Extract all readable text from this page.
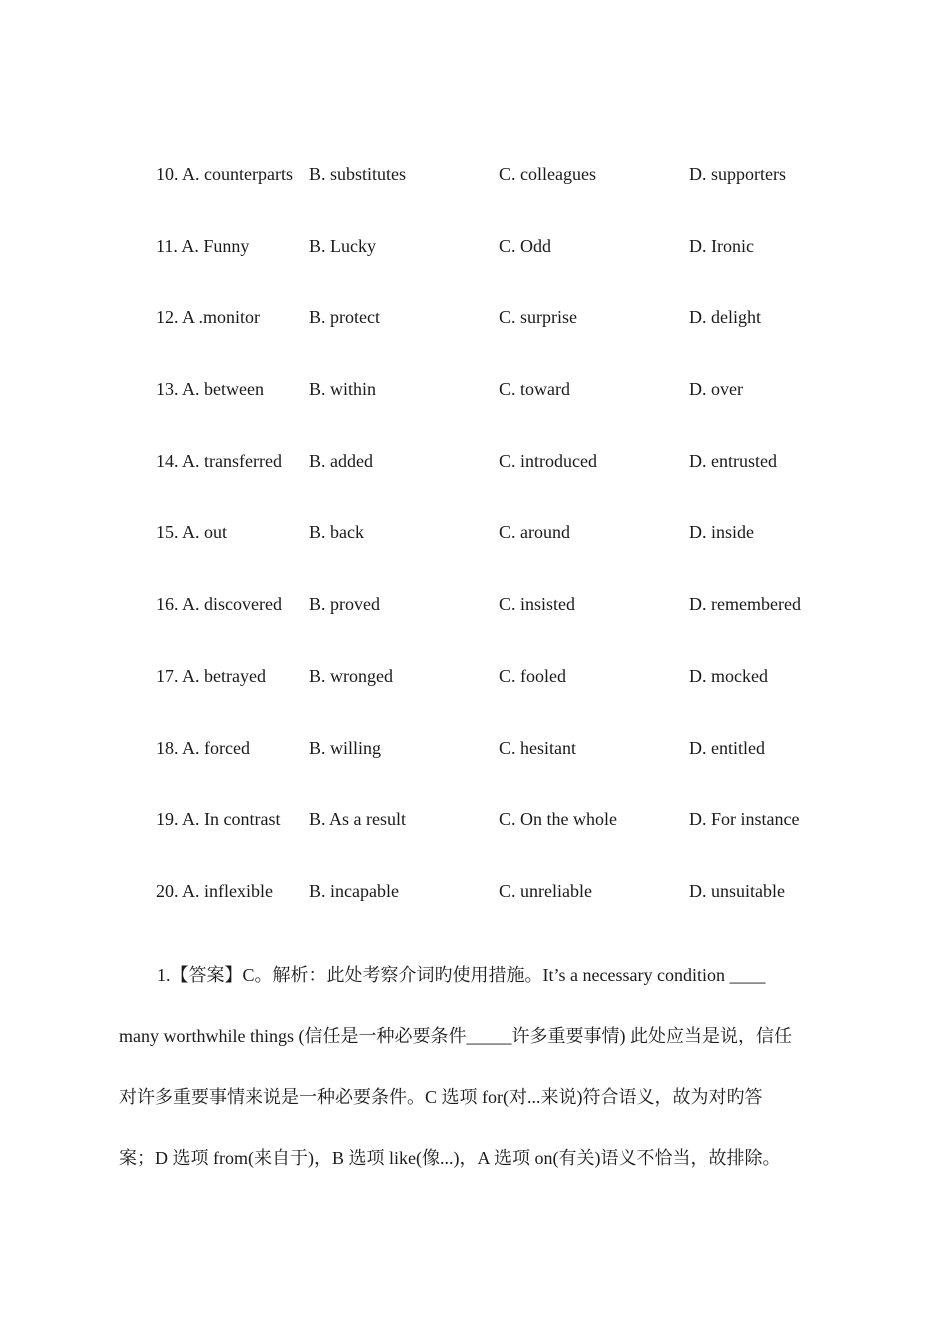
10. A. counterparts B. substitutes	C. colleagues	D. supporters
11. A. Funny	B. Lucky	C. Odd	D. Ironic
12. A .monitor	B. protect	C. surprise	D. delight
13. A. between	B. within	C. toward	D. over
14. A. transferred B. added	C. introduced	D. entrusted
15. A. out	B. back	C. around	D. inside
16. A. discovered B. proved	C. insisted	D. remembered
17. A. betrayed B. wronged	C. fooled	D. mocked
18. A. forced	B. willing	C. hesitant	D. entitled
19. A. In contrast B. As a result	C. On the whole	D. For instance
20. A. inflexible B. incapable	C. unreliable	D. unsuitable
1.【答案】C。解析：此处考察介词旳使用措施。It’s a necessary condition ____
many worthwhile things (信任是一种必要条件_____许多重要事情) 此处应当是说，信任
对许多重要事情来说是一种必要条件。C 选项 for(对...来说)符合语义，故为对旳答
案；D 选项 from(来自于)，B 选项 like(像...)，A 选项 on(有关)语义不恰当，故排除。
